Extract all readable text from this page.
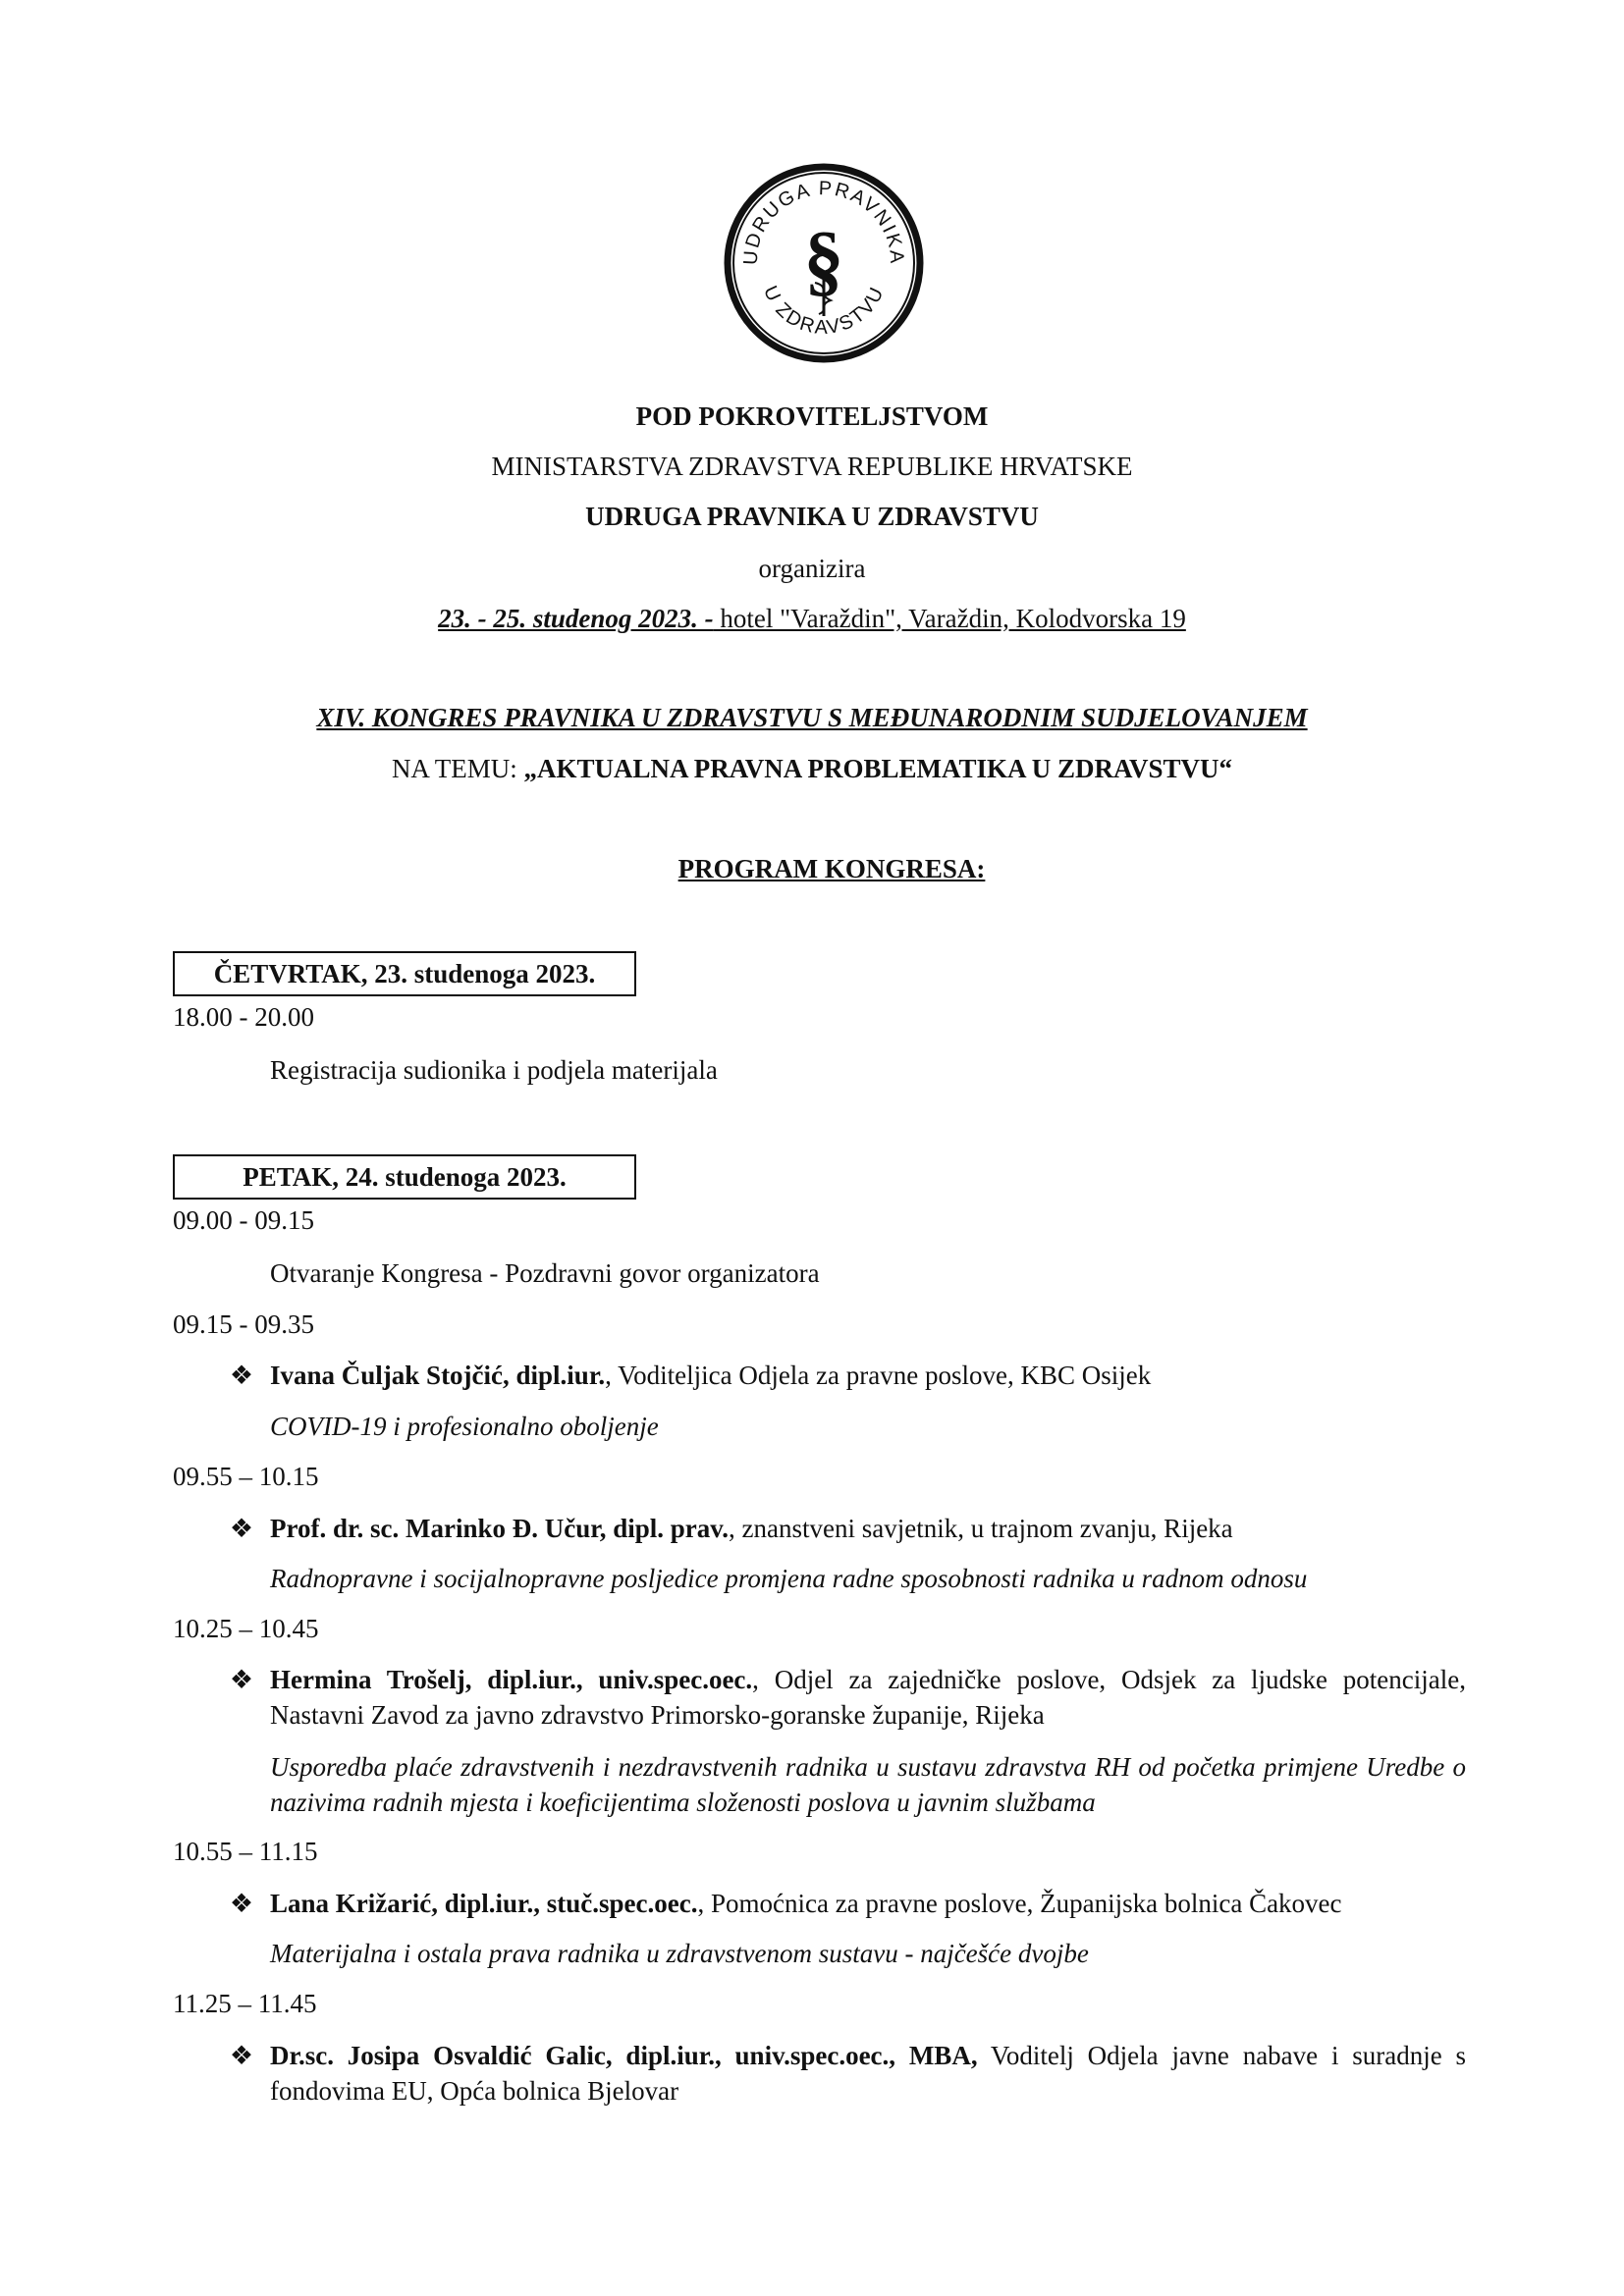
UDRUGA PRAVNIKA
U ZDRAVSTVU
§
POD POKROVITELJSTVOM
MINISTARSTVA ZDRAVSTVA REPUBLIKE HRVATSKE
UDRUGA PRAVNIKA U ZDRAVSTVU
organizira
23. - 25. studenog 2023. - hotel "Varaždin", Varaždin, Kolodvorska 19
XIV. KONGRES PRAVNIKA U ZDRAVSTVU S MEĐUNARODNIM SUDJELOVANJEM
NA TEMU: „AKTUALNA PRAVNA PROBLEMATIKA U ZDRAVSTVU“
PROGRAM KONGRESA:
ČETVRTAK, 23. studenoga 2023.
18.00 - 20.00
Registracija sudionika i podjela materijala
PETAK, 24. studenoga 2023.
09.00 - 09.15
Otvaranje Kongresa - Pozdravni govor organizatora
09.15 - 09.35
❖ Ivana Čuljak Stojčić, dipl.iur., Voditeljica Odjela za pravne poslove, KBC Osijek
COVID-19 i profesionalno oboljenje
09.55 – 10.15
❖ Prof. dr. sc. Marinko Đ. Učur, dipl. prav., znanstveni savjetnik, u trajnom zvanju, Rijeka
Radnopravne i socijalnopravne posljedice promjena radne sposobnosti radnika u radnom odnosu
10.25 – 10.45
❖ Hermina Trošelj, dipl.iur., univ.spec.oec., Odjel za zajedničke poslove, Odsjek za ljudske potencijale, Nastavni Zavod za javno zdravstvo Primorsko-goranske županije, Rijeka
Usporedba plaće zdravstvenih i nezdravstvenih radnika u sustavu zdravstva RH od početka primjene Uredbe o nazivima radnih mjesta i koeficijentima složenosti poslova u javnim službama
10.55 – 11.15
❖ Lana Križarić, dipl.iur., stuč.spec.oec., Pomoćnica za pravne poslove, Županijska bolnica Čakovec
Materijalna i ostala prava radnika u zdravstvenom sustavu - najčešće dvojbe
11.25 – 11.45
❖ Dr.sc. Josipa Osvaldić Galic, dipl.iur., univ.spec.oec., MBA, Voditelj Odjela javne nabave i suradnje s fondovima EU, Opća bolnica Bjelovar
